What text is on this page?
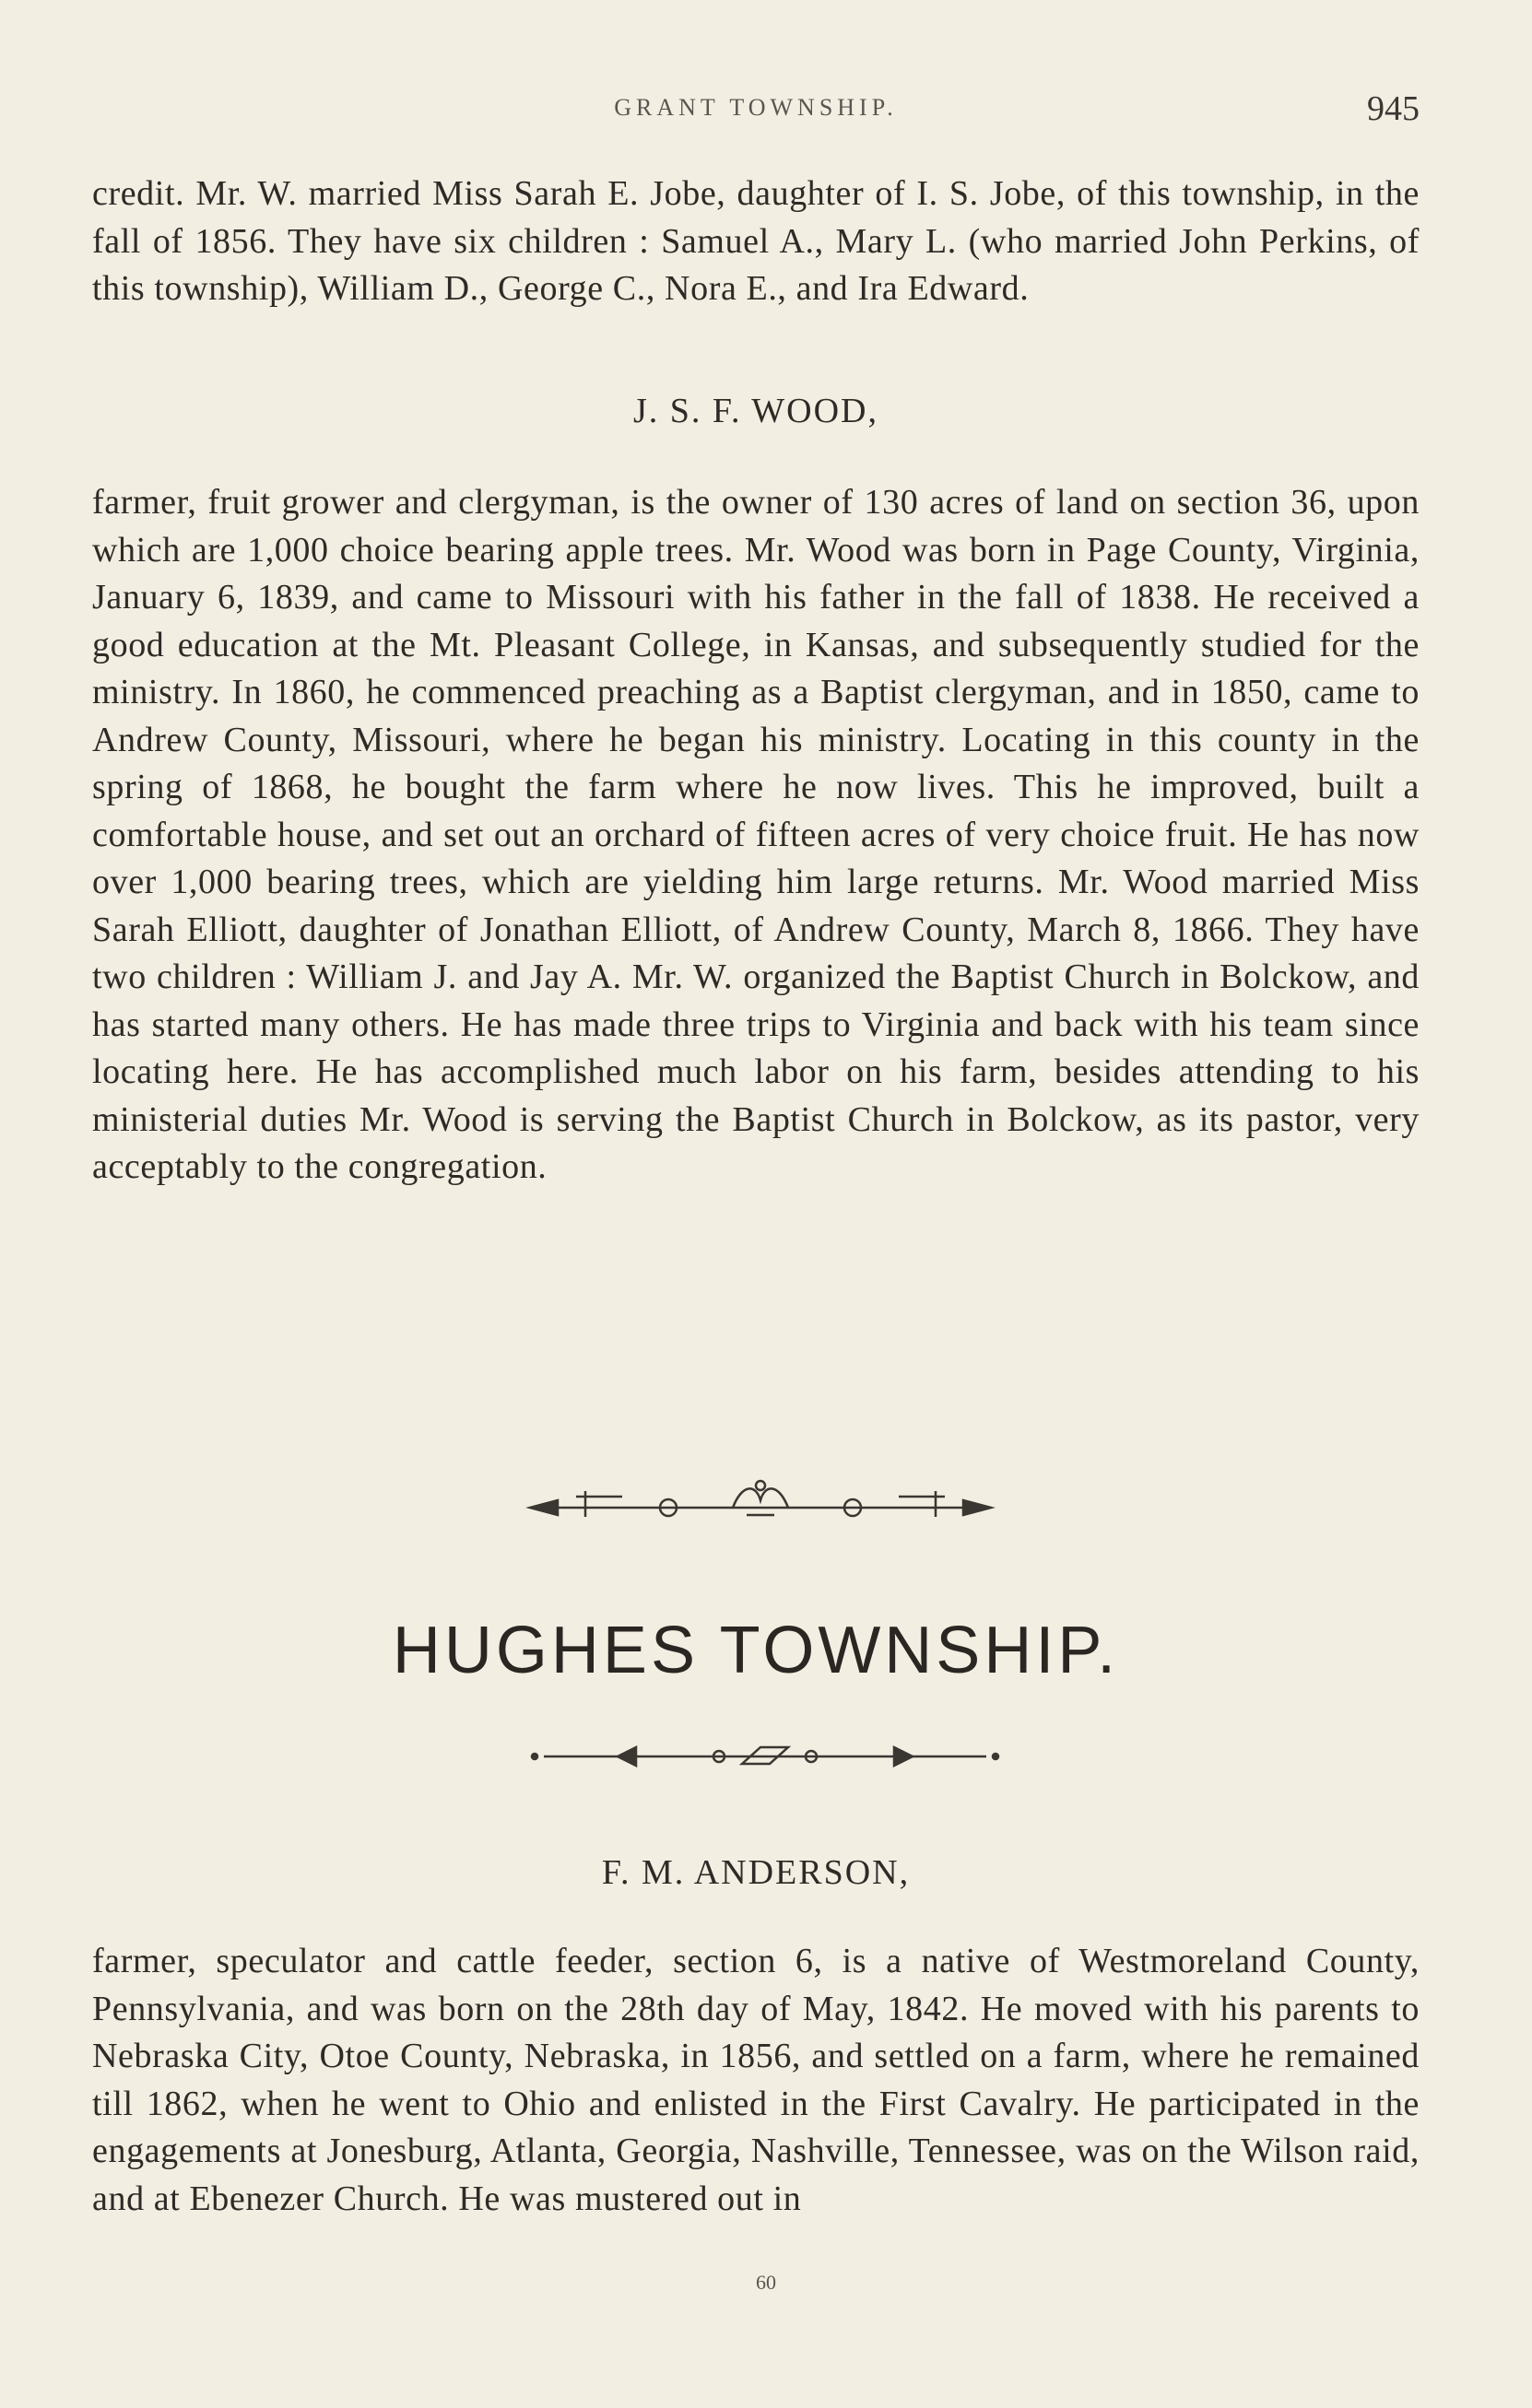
GRANT TOWNSHIP.	945
credit. Mr. W. married Miss Sarah E. Jobe, daughter of I. S. Jobe, of this township, in the fall of 1856. They have six children : Samuel A., Mary L. (who married John Perkins, of this township), William D., George C., Nora E., and Ira Edward.
J. S. F. WOOD,
farmer, fruit grower and clergyman, is the owner of 130 acres of land on section 36, upon which are 1,000 choice bearing apple trees. Mr. Wood was born in Page County, Virginia, January 6, 1839, and came to Missouri with his father in the fall of 1838. He received a good education at the Mt. Pleasant College, in Kansas, and subsequently studied for the ministry. In 1860, he commenced preaching as a Baptist clergyman, and in 1850, came to Andrew County, Missouri, where he began his ministry. Locating in this county in the spring of 1868, he bought the farm where he now lives. This he improved, built a comfortable house, and set out an orchard of fifteen acres of very choice fruit. He has now over 1,000 bearing trees, which are yielding him large returns. Mr. Wood married Miss Sarah Elliott, daughter of Jonathan Elliott, of Andrew County, March 8, 1866. They have two children : William J. and Jay A. Mr. W. organized the Baptist Church in Bolckow, and has started many others. He has made three trips to Virginia and back with his team since locating here. He has accomplished much labor on his farm, besides attending to his ministerial duties Mr. Wood is serving the Baptist Church in Bolckow, as its pastor, very acceptably to the congregation.
HUGHES TOWNSHIP.
F. M. ANDERSON,
farmer, speculator and cattle feeder, section 6, is a native of Westmoreland County, Pennsylvania, and was born on the 28th day of May, 1842. He moved with his parents to Nebraska City, Otoe County, Nebraska, in 1856, and settled on a farm, where he remained till 1862, when he went to Ohio and enlisted in the First Cavalry. He participated in the engagements at Jonesburg, Atlanta, Georgia, Nashville, Tennessee, was on the Wilson raid, and at Ebenezer Church. He was mustered out in
60
